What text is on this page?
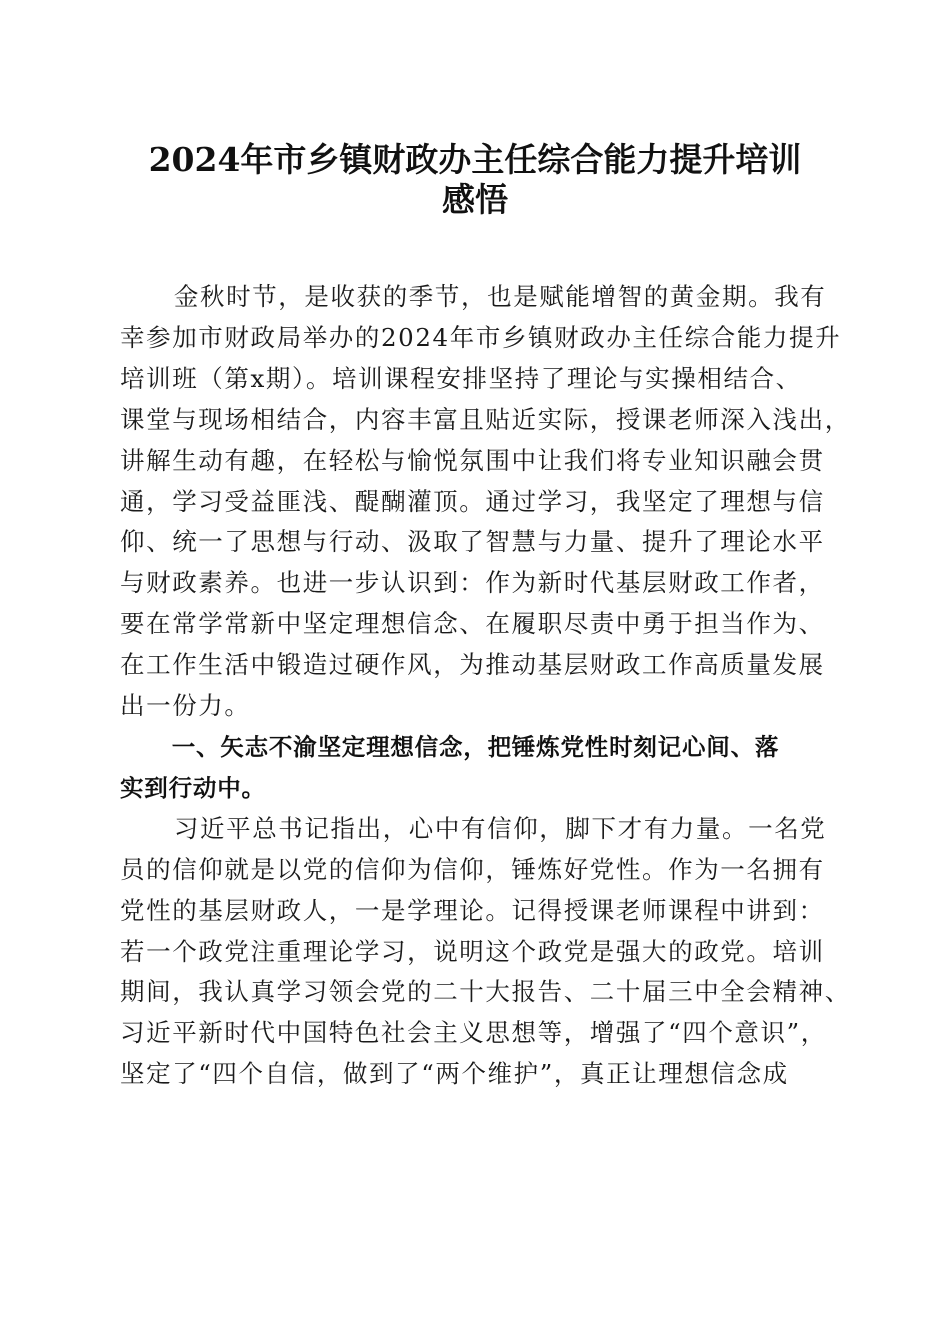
2024年市乡镇财政办主任综合能力提升培训
感悟
金秋时节，是收获的季节，也是赋能增智的黄金期。我有
幸参加市财政局举办的2024年市乡镇财政办主任综合能力提升
培训班（第x期）。培训课程安排坚持了理论与实操相结合、
课堂与现场相结合，内容丰富且贴近实际，授课老师深入浅出，
讲解生动有趣，在轻松与愉悦氛围中让我们将专业知识融会贯
通，学习受益匪浅、醍醐灌顶。通过学习，我坚定了理想与信
仰、统一了思想与行动、汲取了智慧与力量、提升了理论水平
与财政素养。也进一步认识到：作为新时代基层财政工作者，
要在常学常新中坚定理想信念、在履职尽责中勇于担当作为、
在工作生活中锻造过硬作风，为推动基层财政工作高质量发展
出一份力。
一、矢志不渝坚定理想信念，把锤炼党性时刻记心间、落
实到行动中。
习近平总书记指出，心中有信仰，脚下才有力量。一名党
员的信仰就是以党的信仰为信仰，锤炼好党性。作为一名拥有
党性的基层财政人，一是学理论。记得授课老师课程中讲到：
若一个政党注重理论学习，说明这个政党是强大的政党。培训
期间，我认真学习领会党的二十大报告、二十届三中全会精神、
习近平新时代中国特色社会主义思想等，增强了“四个意识”，
坚定了“四个自信，做到了“两个维护”，真正让理想信念成
